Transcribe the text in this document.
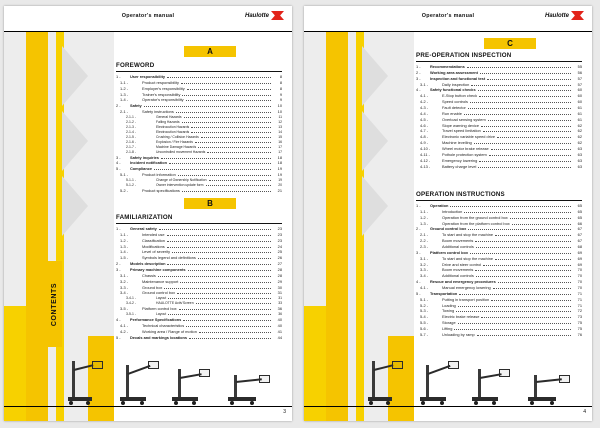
Operator's manual	Haulotte
A
B
CONTENTS
FOREWORD
1 -	User responsibility	8
1-1 -	Product responsibility	8
1-2 -	Employer's responsibility	8
1-3 -	Trainer's responsibility	9
1-4 -	Operator's responsibility	9
2 -	Safety	10
2-1 -	Safety instructions	10
2-1-1 -	General Hazards	11
2-1-2 -	Falling Hazards	12
2-1-3 -	Electrocution Hazards	13
2-1-4 -	Electrocution Hazards	14
2-1-5 -	Crushing / Collision Hazards	15
2-1-6 -	Explosion / Fire Hazards	16
2-1-7 -	Machine Damage Hazards	17
2-1-8 -	Uncontrolled movement Hazards	17
3 -	Safety inquiries	18
4 -	Incident notification	18
5 -	Compliance	19
5-1 -	Product information	19
5-1-1 -	Change of Ownership Notification	19
5-1-2 -	Owner intervention update form	20
5-2 -	Product specifications	21
FAMILIARIZATION
1 -	General safety	23
1-1 -	Intended use	23
1-2 -	Classification	23
1-3 -	Modifications	24
1-4 -	Level of severity	25
1-5 -	Symbols legend and definitions	26
2 -	Models description	27
3 -	Primary machine components	28
3-1 -	Chassis	28
3-2 -	Maintenance support	29
3-3 -	Ground box	30
3-4 -	Ground control box	31
3-4-1 -	Layout	31
3-4-2 -	HAULOTTE Activ'Screen	33
3-5 -	Platform control box	36
3-5-1 -	Layout	36
4 -	Performance Specifications	40
4-1 -	Technical characteristics	40
4-2 -	Working area / Range of motion	41
5 -	Decals and markings locations	44
3
Operator's manual	Haulotte
C
PRE-OPERATION INSPECTION
1 -	Recommendations	55
2 -	Working area assessment	56
3 -	Inspection and functional test	57
3-1 -	Daily inspection	57
4 -	Safety functional checks	60
4-1 -	E-Stop button check	60
4-2 -	Speed controls	60
4-3 -	Fault detector	61
4-4 -	Run enable	61
4-5 -	Overload sensing system	61
4-6 -	Slope warning device	62
4-7 -	Travel speed limitation	62
4-8 -	Electronic variable speed drive	62
4-9 -	Machine levelling	62
4-10 -	Wheel motor brake release	63
4-11 -	Pothole protection system	63
4-12 -	Emergency lowering	63
4-13 -	Battery charge level	63
OPERATION INSTRUCTIONS
1 -	Operation	65
1-1 -	Introduction	65
1-2 -	Operation from the ground control box	65
1-3 -	Operation from the platform control box	66
2 -	Ground control box	67
2-1 -	To start and stop the machine	67
2-2 -	Boom movements	67
2-3 -	Additional controls	68
3 -	Platform control box	69
3-1 -	To start and stop the machine	69
3-2 -	Drive and steer control	69
3-3 -	Boom movements	70
3-4 -	Additional controls	70
4 -	Rescue and emergency procedures	70
4-1 -	Manual emergency lowering	70
5 -	Transportation	71
5-1 -	Putting in transport position	71
5-2 -	Loading	71
5-3 -	Towing	72
5-4 -	Electric brake release	73
5-5 -	Storage	75
5-6 -	Lifting	75
5-7 -	Unloading by ramp	76
4
